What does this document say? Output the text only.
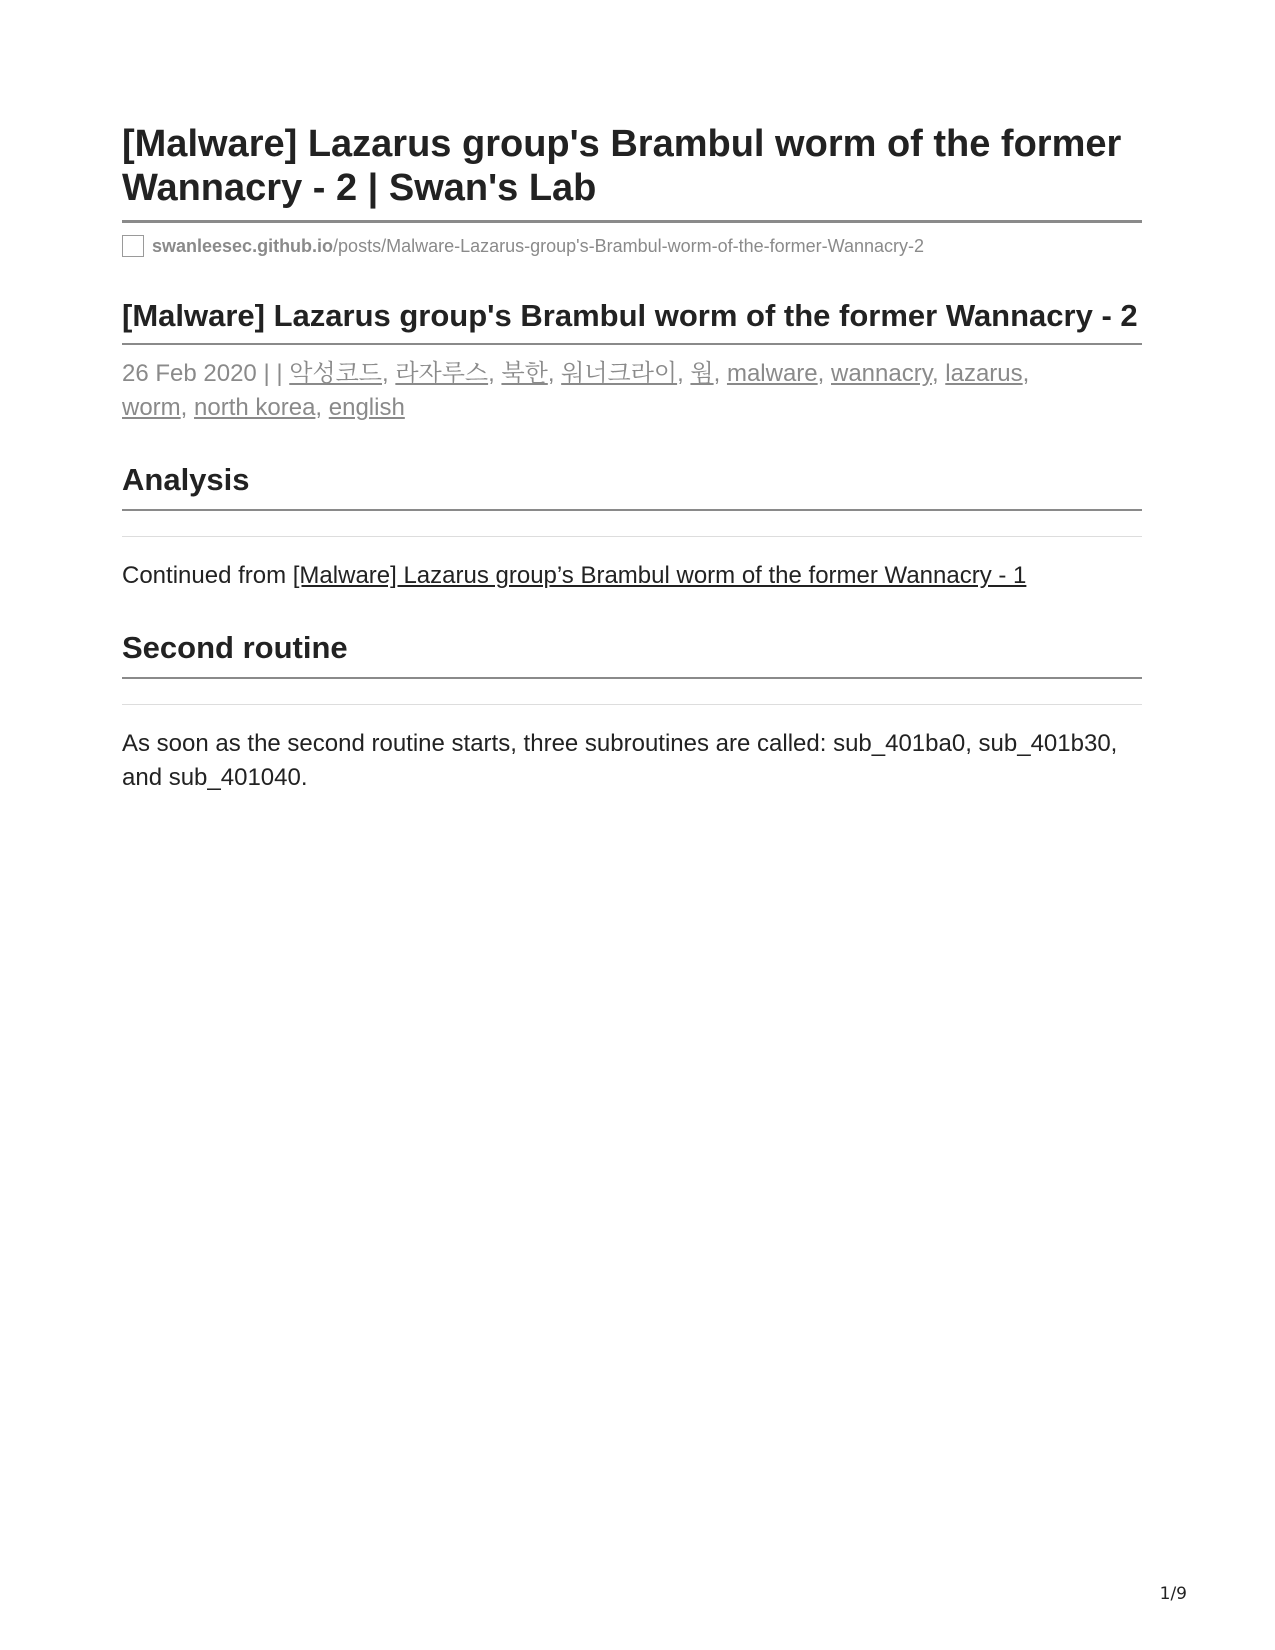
[Malware] Lazarus group's Brambul worm of the former Wannacry - 2 | Swan's Lab
swanleesec.github.io /posts/Malware-Lazarus-group's-Brambul-worm-of-the-former-Wannacry-2
[Malware] Lazarus group's Brambul worm of the former Wannacry - 2
26 Feb 2020 | | 악성코드, 라자루스, 북한, 워너크라이, 웜, malware, wannacry, lazarus,
worm, north korea, english
Analysis

Continued from [Malware] Lazarus group’s Brambul worm of the former Wannacry - 1

Second routine

As soon as the second routine starts, three subroutines are called: sub_401ba0, sub_401b30, and sub_401040.

1/9
